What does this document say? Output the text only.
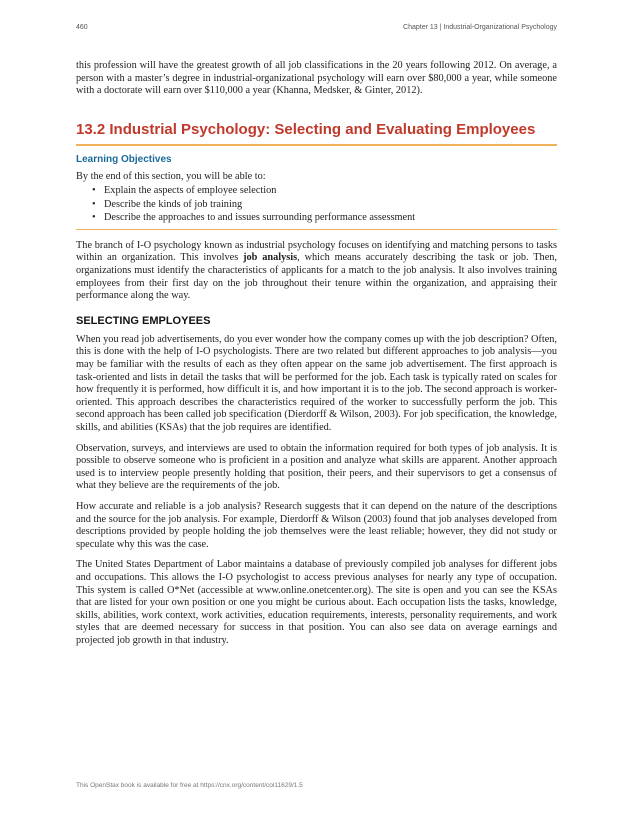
460	Chapter 13 | Industrial-Organizational Psychology

this profession will have the greatest growth of all job classifications in the 20 years following 2012. On average, a person with a master’s degree in industrial-organizational psychology will earn over $80,000 a year, while someone with a doctorate will earn over $110,000 a year (Khanna, Medsker, & Ginter, 2012).

13.2 Industrial Psychology: Selecting and Evaluating Employees
Learning Objectives
By the end of this section, you will be able to:
• Explain the aspects of employee selection
• Describe the kinds of job training
• Describe the approaches to and issues surrounding performance assessment

The branch of I-O psychology known as industrial psychology focuses on identifying and matching persons to tasks within an organization. This involves job analysis, which means accurately describing the task or job. Then, organizations must identify the characteristics of applicants for a match to the job analysis. It also involves training employees from their first day on the job throughout their tenure within the organization, and appraising their performance along the way.

SELECTING EMPLOYEES

When you read job advertisements, do you ever wonder how the company comes up with the job description? Often, this is done with the help of I-O psychologists. There are two related but different approaches to job analysis—you may be familiar with the results of each as they often appear on the same job advertisement. The first approach is task-oriented and lists in detail the tasks that will be performed for the job. Each task is typically rated on scales for how frequently it is performed, how difficult it is, and how important it is to the job. The second approach is worker-oriented. This approach describes the characteristics required of the worker to successfully perform the job. This second approach has been called job specification (Dierdorff & Wilson, 2003). For job specification, the knowledge, skills, and abilities (KSAs) that the job requires are identified.

Observation, surveys, and interviews are used to obtain the information required for both types of job analysis. It is possible to observe someone who is proficient in a position and analyze what skills are apparent. Another approach used is to interview people presently holding that position, their peers, and their supervisors to get a consensus of what they believe are the requirements of the job.

How accurate and reliable is a job analysis? Research suggests that it can depend on the nature of the descriptions and the source for the job analysis. For example, Dierdorff & Wilson (2003) found that job analyses developed from descriptions provided by people holding the job themselves were the least reliable; however, they did not study or speculate why this was the case.

The United States Department of Labor maintains a database of previously compiled job analyses for different jobs and occupations. This allows the I-O psychologist to access previous analyses for nearly any type of occupation. This system is called O*Net (accessible at www.online.onetcenter.org). The site is open and you can see the KSAs that are listed for your own position or one you might be curious about. Each occupation lists the tasks, knowledge, skills, abilities, work context, work activities, education requirements, interests, personality requirements, and work styles that are deemed necessary for success in that position. You can also see data on average earnings and projected job growth in that industry.

This OpenStax book is available for free at https://cnx.org/content/col11629/1.5
